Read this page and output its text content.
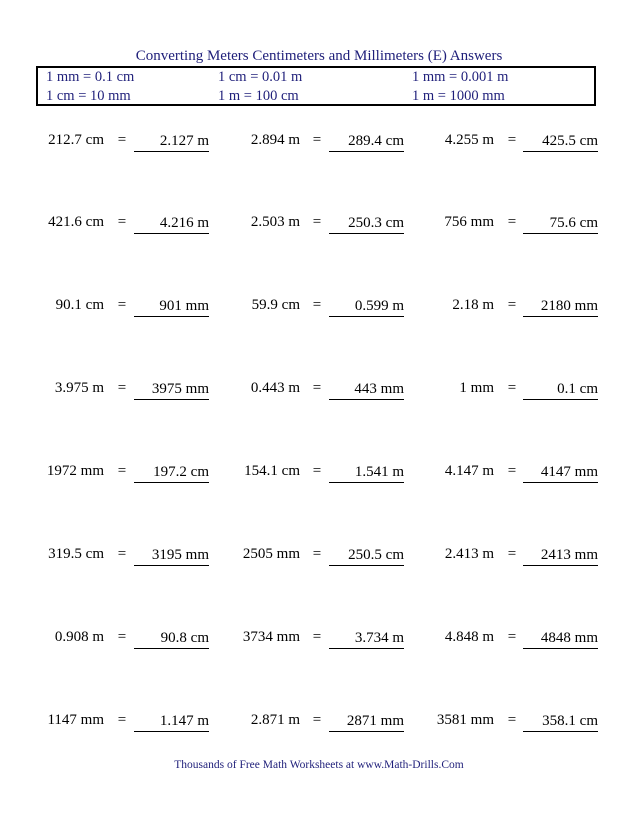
Converting Meters Centimeters and Millimeters (E) Answers
1 mm = 0.1 cm	1 cm = 0.01 m	1 mm = 0.001 m
1 cm = 10 mm	1 m = 100 cm	1 m = 1000 mm
212.7 cm =	2.127 m	2.894 m =	289.4 cm	4.255 m =	425.5 cm
421.6 cm =	4.216 m	2.503 m =	250.3 cm	756 mm =	75.6 cm
90.1 cm =	901 mm	59.9 cm =	0.599 m	2.18 m =	2180 mm
3.975 m =	3975 mm	0.443 m =	443 mm	1 mm =	0.1 cm
1972 mm =	197.2 cm	154.1 cm =	1.541 m	4.147 m =	4147 mm
319.5 cm =	3195 mm	2505 mm =	250.5 cm	2.413 m =	2413 mm
0.908 m =	90.8 cm	3734 mm =	3.734 m	4.848 m =	4848 mm
1147 mm =	1.147 m	2.871 m =	2871 mm	3581 mm =	358.1 cm
Thousands of Free Math Worksheets at www.Math-Drills.Com
